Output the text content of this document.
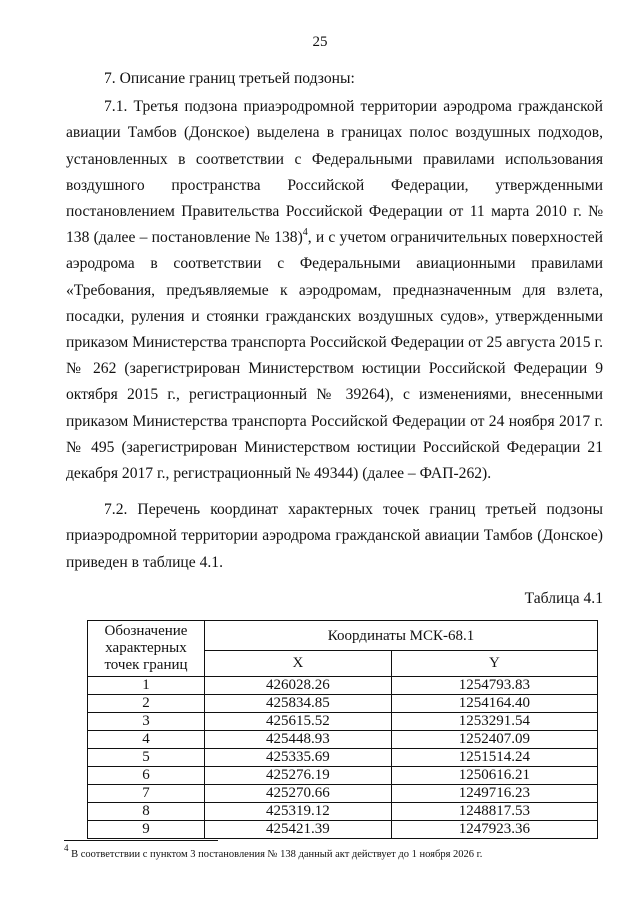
25

7. Описание границ третьей подзоны:

7.1. Третья подзона приаэродромной территории аэродрома гражданской авиации Тамбов (Донское) выделена в границах полос воздушных подходов, установленных в соответствии с Федеральными правилами использования воздушного пространства Российской Федерации, утвержденными постановлением Правительства Российской Федерации от 11 марта 2010 г. № 138 (далее – постановление № 138)$^4$, и с учетом ограничительных поверхностей аэродрома в соответствии с Федеральными авиационными правилами «Требования, предъявляемые к аэродромам, предназначенным для взлета, посадки, руления и стоянки гражданских воздушных судов», утвержденными приказом Министерства транспорта Российской Федерации от 25 августа 2015 г. № 262 (зарегистрирован Министерством юстиции Российской Федерации 9 октября 2015 г., регистрационный № 39264), с изменениями, внесенными приказом Министерства транспорта Российской Федерации от 24 ноября 2017 г. № 495 (зарегистрирован Министерством юстиции Российской Федерации 21 декабря 2017 г., регистрационный № 49344) (далее – ФАП-262).

7.2. Перечень координат характерных точек границ третьей подзоны приаэродромной территории аэродрома гражданской авиации Тамбов (Донское) приведен в таблице 4.1.

Таблица 4.1
Обозначение характерных точек границ	Координаты МСК-68.1	
	X	Y
1	426028.26	1254793.83
2	425834.85	1254164.40
3	425615.52	1253291.54
4	425448.93	1252407.09
5	425335.69	1251514.24
6	425276.19	1250616.21
7	425270.66	1249716.23
8	425319.12	1248817.53
9	425421.39	1247923.36
$^4$ В соответствии с пунктом 3 постановления № 138 данный акт действует до 1 ноября 2026 г.
